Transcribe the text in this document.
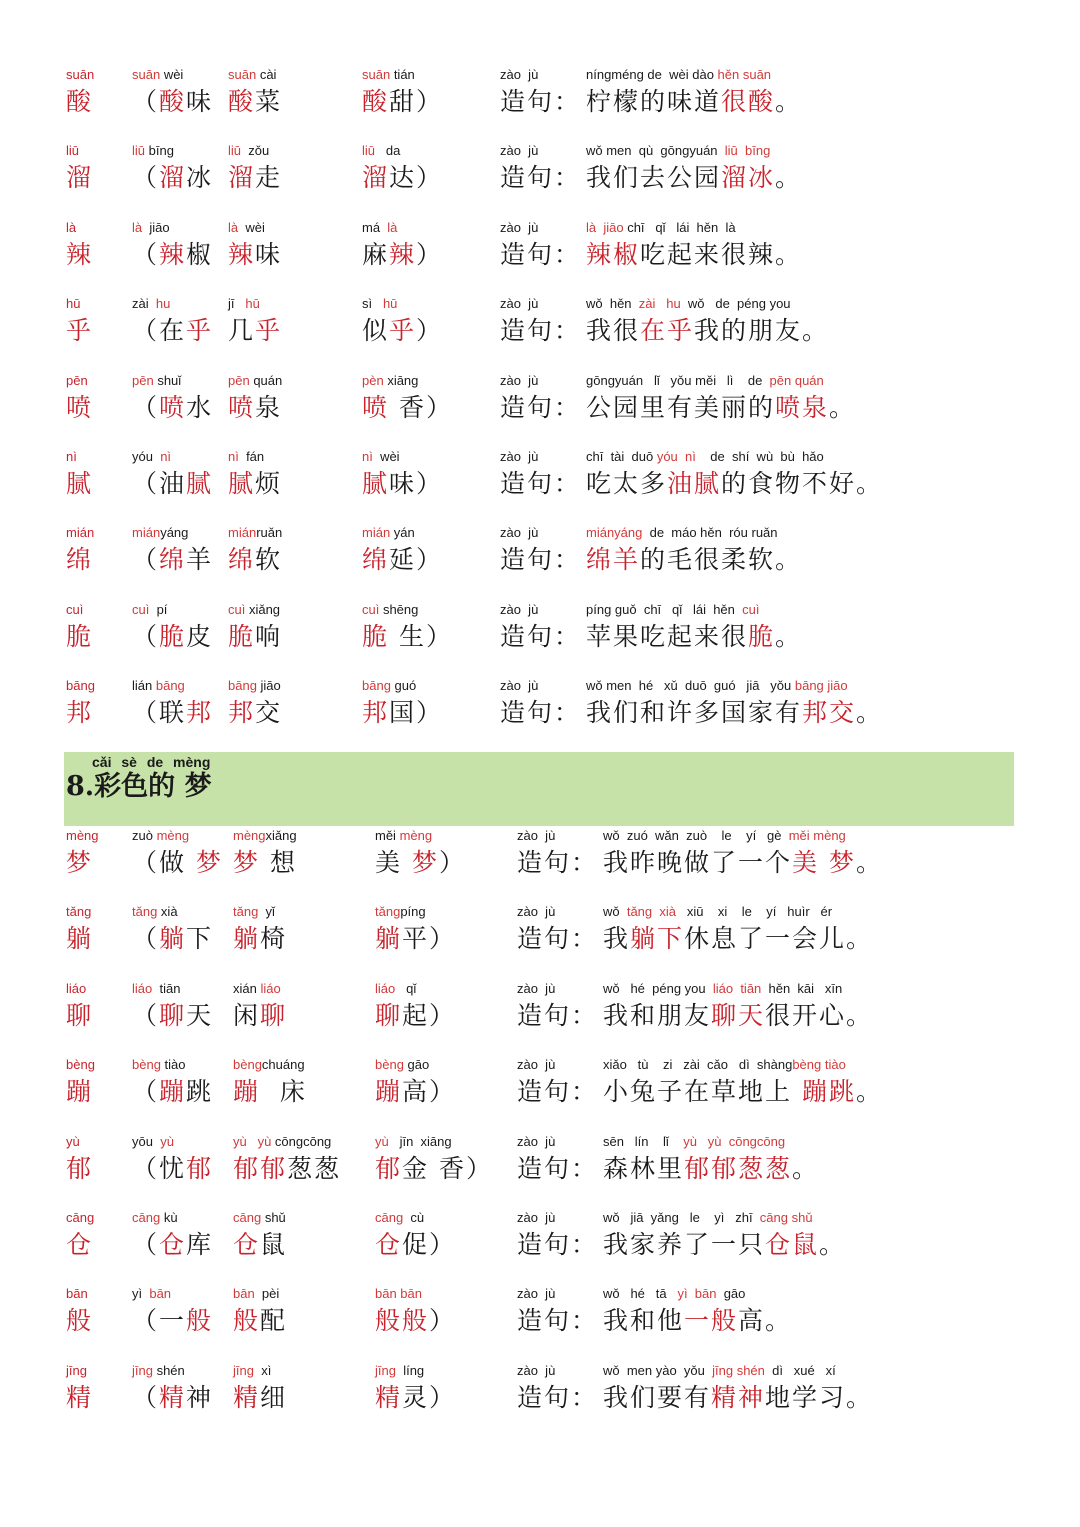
suān
酸
suān wèi
（酸味
suān cài
酸菜
suān tián
酸甜）
zào  jù
造句：
níngméng de  wèi dào hěn suān
柠檬的味道很酸。
liū
溜
liū bīng
（溜冰
liū  zǒu
溜走
liū   da
溜达）
zào  jù
造句：
wǒ men  qù  gōngyuán  liū  bīng
我们去公园溜冰。
là
辣
là  jiāo
（辣椒
là  wèi
辣味
má  là
麻辣）
zào  jù
造句：
là  jiāo chī   qǐ   lái  hěn  là
辣椒吃起来很辣。
hū
乎
zài  hu
（在乎
jī   hū
几乎
sì   hū
似乎）
zào  jù
造句：
wǒ  hěn  zài   hu  wǒ   de  péng you
我很在乎我的朋友。
pēn
喷
pēn shuǐ
（喷水
pēn quán
喷泉
pèn xiāng
喷 香）
zào  jù
造句：
gōngyuán   lǐ   yǒu měi   lì    de  pēn quán
公园里有美丽的喷泉。
nì
腻
yóu  nì
（油腻
nì  fán
腻烦
nì  wèi
腻味）
zào  jù
造句：
chī  tài  duō yóu  nì    de  shí  wù  bù  hǎo
吃太多油腻的食物不好。
mián
绵
miányáng
（绵羊
miánruǎn
绵软
mián yán
绵延）
zào  jù
造句：
miányáng  de  máo hěn  róu ruǎn
绵羊的毛很柔软。
cuì
脆
cuì  pí
（脆皮
cuì xiǎng
脆响
cuì shēng
脆 生）
zào  jù
造句：
píng guǒ  chī   qǐ   lái  hěn  cuì
苹果吃起来很脆。
bāng
邦
lián bāng
（联邦
bāng jiāo
邦交
bāng guó
邦国）
zào  jù
造句：
wǒ men  hé   xǔ  duō  guó   jiā   yǒu bāng jiāo
我们和许多国家有邦交。
cǎi sè de mèng
8.彩色的 梦
mèng
梦
zuò mèng
（做 梦
mèngxiǎng
梦 想
měi mèng
美 梦）
zào  jù
造句：
wǒ  zuó  wǎn  zuò    le    yí   gè  měi mèng
我昨晚做了一个美 梦。
tǎng
躺
tǎng xià
（躺下
tǎng  yǐ
躺椅
tǎngpíng
躺平）
zào  jù
造句：
wǒ  tǎng  xià   xiū    xi    le    yí   huìr   ér
我躺下休息了一会儿。
liáo
聊
liáo  tiān
（聊天
xián liáo
闲聊
liáo   qǐ
聊起）
zào  jù
造句：
wǒ   hé  péng you  liáo  tiān  hěn  kāi   xīn
我和朋友聊天很开心。
bèng
蹦
bèng tiào
（蹦跳
bèngchuáng
蹦  床
bèng gāo
蹦高）
zào  jù
造句：
xiǎo   tù    zi   zài  cǎo   dì  shàngbèng tiào
小兔子在草地上 蹦跳。
yù
郁
yōu  yù
（忧郁
yù   yù cōngcōng
郁郁葱葱
yù   jīn  xiāng
郁金 香）
zào  jù
造句：
sēn   lín    lǐ    yù   yù  cōngcōng
森林里郁郁葱葱。
cāng
仓
cāng kù
（仓库
cāng shǔ
仓鼠
cāng  cù
仓促）
zào  jù
造句：
wǒ   jiā  yǎng   le    yì   zhī  cāng shǔ
我家养了一只仓鼠。
bān
般
yì  bān
（一般
bān  pèi
般配
bān bān
般般）
zào  jù
造句：
wǒ   hé   tā   yì  bān  gāo
我和他一般高。
jīng
精
jīng shén
（精神
jīng  xì
精细
jīng  líng
精灵）
zào  jù
造句：
wǒ  men yào  yǒu  jīng shén  dì   xué   xí
我们要有精神地学习。
